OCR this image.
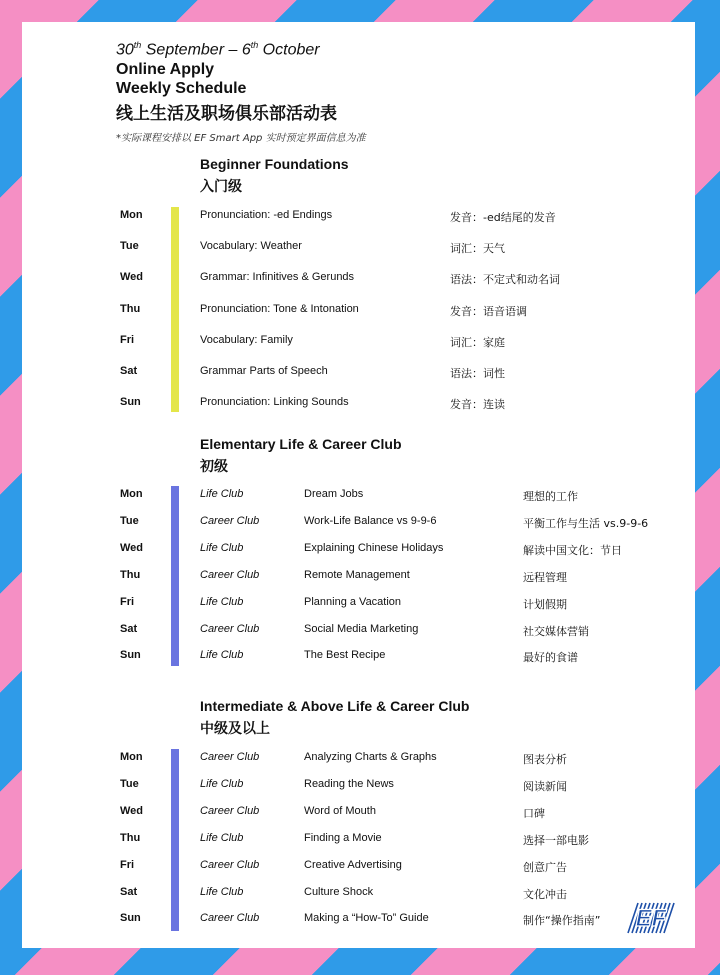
30th September – 6th October
Online Apply
Weekly Schedule
线上生活及职场俱乐部活动表
*实际课程安排以 EF Smart App 实时预定界面信息为准
Beginner Foundations
入门级
Mon	Pronunciation: -ed Endings	发音：-ed结尾的发音
Tue	Vocabulary: Weather	词汇：天气
Wed	Grammar: Infinitives & Gerunds	语法：不定式和动名词
Thu	Pronunciation: Tone & Intonation	发音：语音语调
Fri	Vocabulary: Family	词汇：家庭
Sat	Grammar Parts of Speech	语法：词性
Sun	Pronunciation: Linking Sounds	发音：连读
Elementary Life & Career Club
初级
Mon	Life Club	Dream Jobs	理想的工作
Tue	Career Club	Work-Life Balance vs 9-9-6	平衡工作与生活 vs.9-9-6
Wed	Life Club	Explaining Chinese Holidays	解读中国文化：节日
Thu	Career Club	Remote Management	远程管理
Fri	Life Club	Planning a Vacation	计划假期
Sat	Career Club	Social Media Marketing	社交媒体营销
Sun	Life Club	The Best Recipe	最好的食谱
Intermediate & Above Life & Career Club
中级及以上
Mon	Career Club	Analyzing Charts & Graphs	图表分析
Tue	Life Club	Reading the News	阅读新闻
Wed	Career Club	Word of Mouth	口碑
Thu	Life Club	Finding a Movie	选择一部电影
Fri	Career Club	Creative Advertising	创意广告
Sat	Life Club	Culture Shock	文化冲击
Sun	Career Club	Making a “How-To” Guide	制作“操作指南” EF
